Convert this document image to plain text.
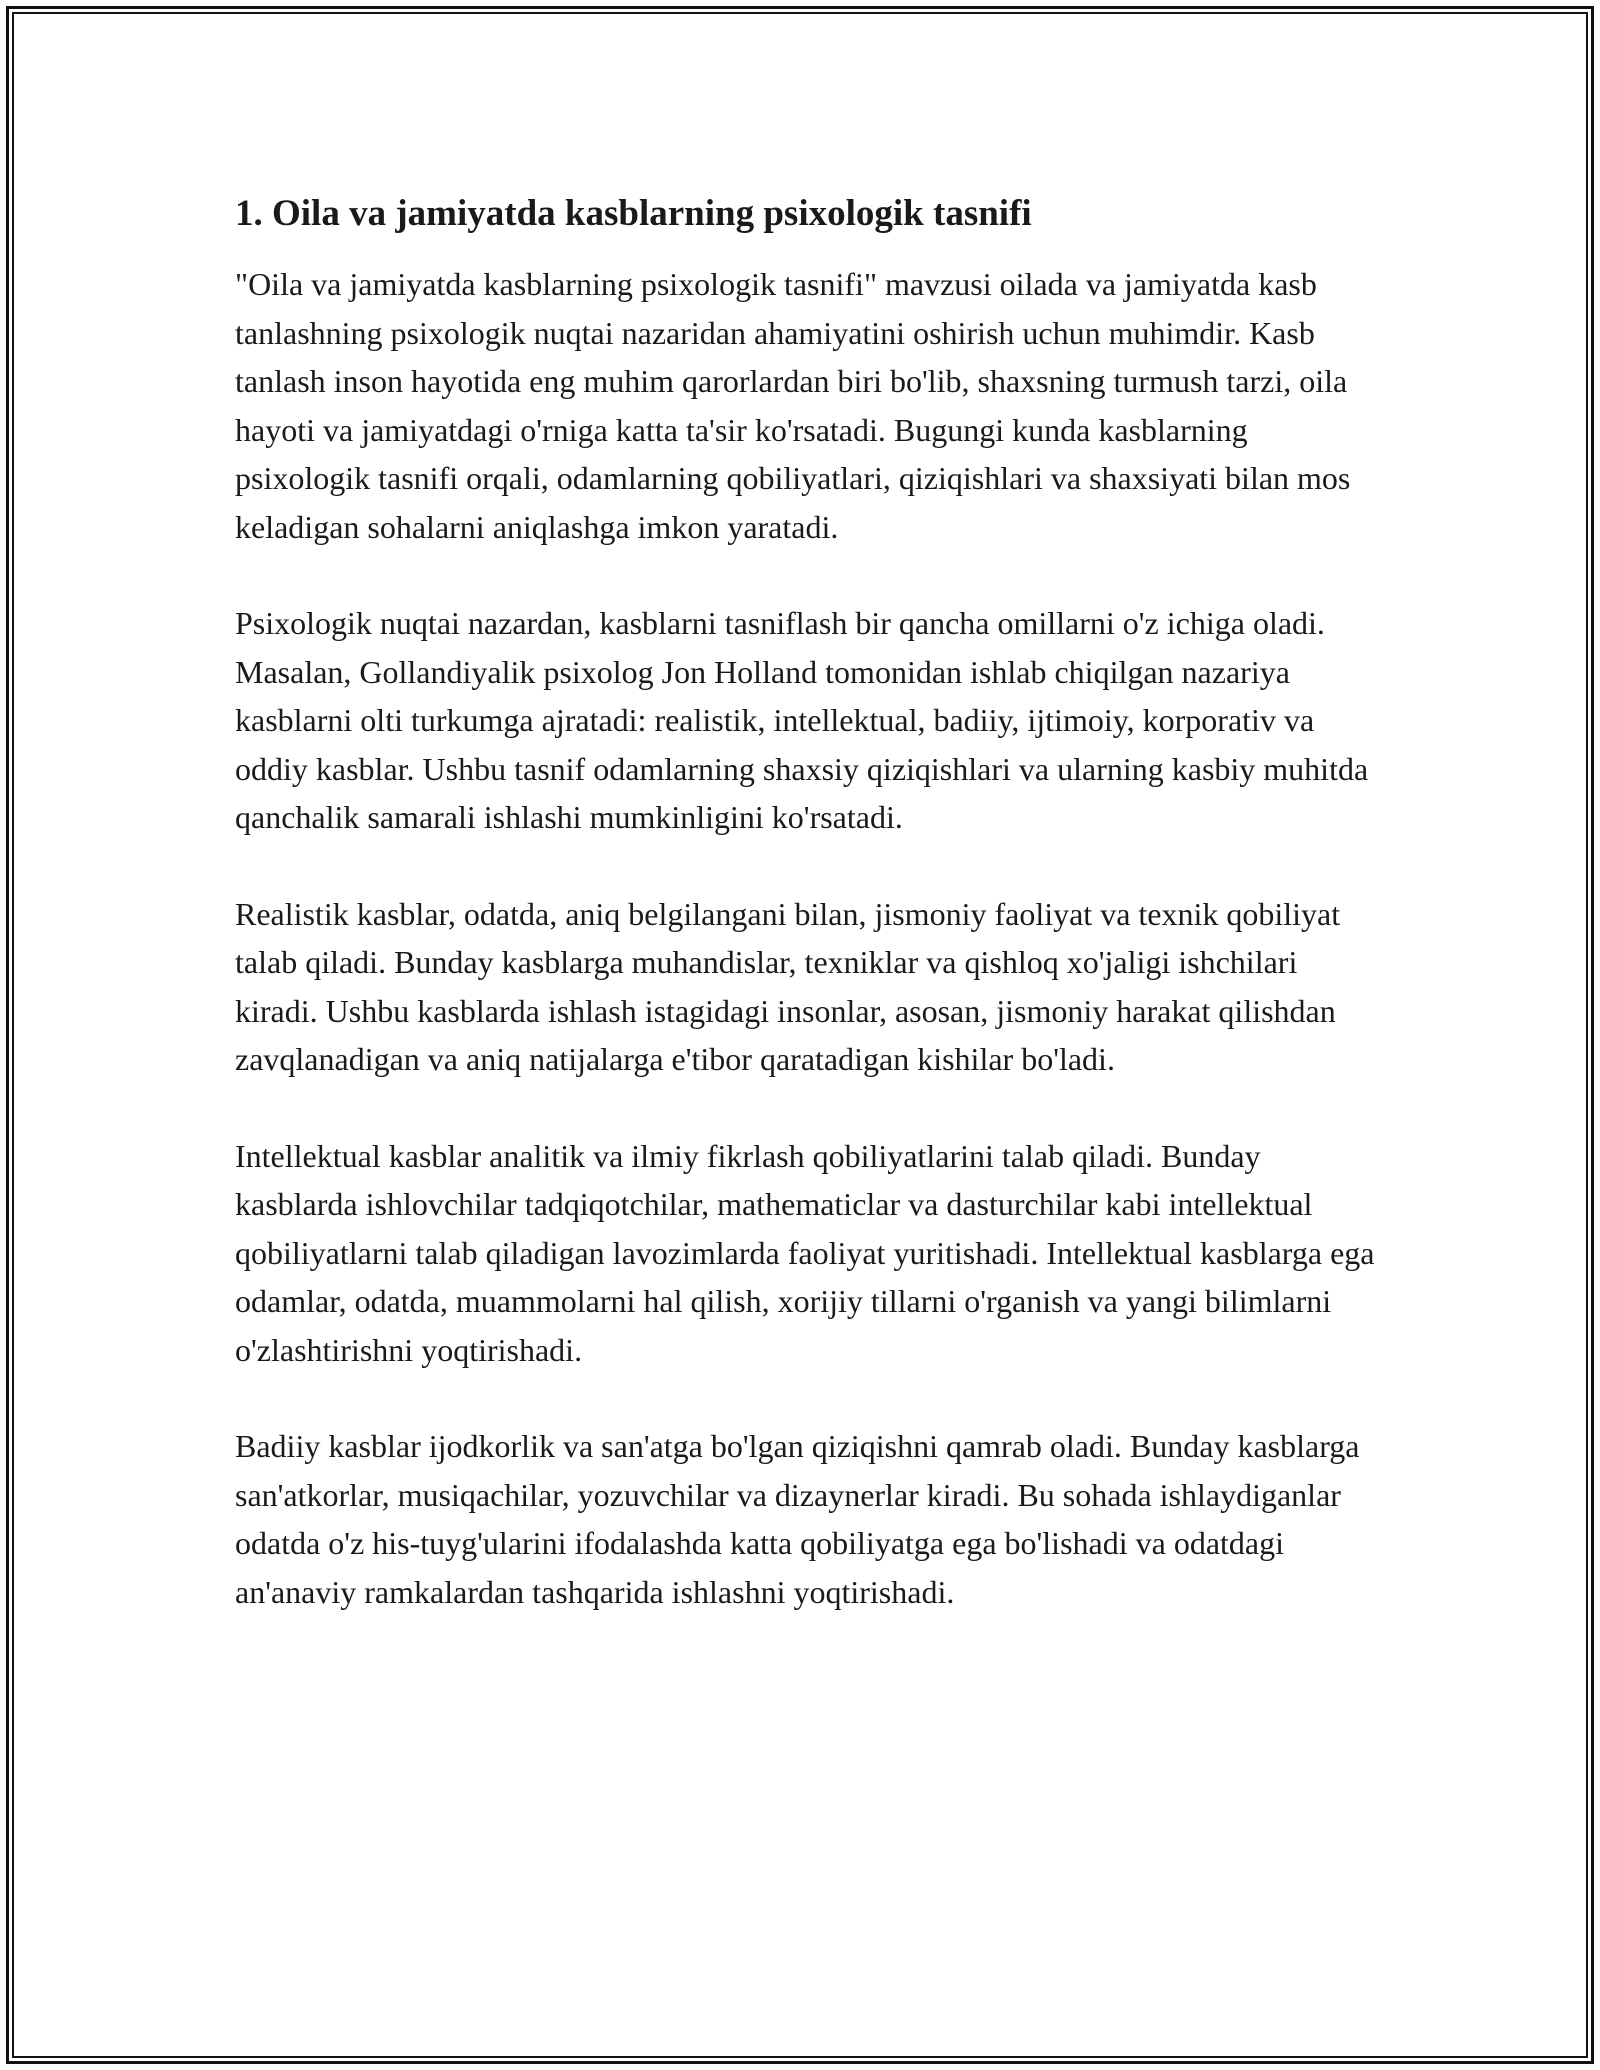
1. Oila va jamiyatda kasblarning psixologik tasnifi

"Oila va jamiyatda kasblarning psixologik tasnifi" mavzusi oilada va jamiyatda kasb tanlashning psixologik nuqtai nazaridan ahamiyatini oshirish uchun muhimdir. Kasb tanlash inson hayotida eng muhim qarorlardan biri bo'lib, shaxsning turmush tarzi, oila hayoti va jamiyatdagi o'rniga katta ta'sir ko'rsatadi. Bugungi kunda kasblarning psixologik tasnifi orqali, odamlarning qobiliyatlari, qiziqishlari va shaxsiyati bilan mos keladigan sohalarni aniqlashga imkon yaratadi.

Psixologik nuqtai nazardan, kasblarni tasniflash bir qancha omillarni o'z ichiga oladi. Masalan, Gollandiyalik psixolog Jon Holland tomonidan ishlab chiqilgan nazariya kasblarni olti turkumga ajratadi: realistik, intellektual, badiiy, ijtimoiy, korporativ va oddiy kasblar. Ushbu tasnif odamlarning shaxsiy qiziqishlari va ularning kasbiy muhitda qanchalik samarali ishlashi mumkinligini ko'rsatadi.

Realistik kasblar, odatda, aniq belgilangani bilan, jismoniy faoliyat va texnik qobiliyat talab qiladi. Bunday kasblarga muhandislar, texniklar va qishloq xo'jaligi ishchilari kiradi. Ushbu kasblarda ishlash istagidagi insonlar, asosan, jismoniy harakat qilishdan zavqlanadigan va aniq natijalarga e'tibor qaratadigan kishilar bo'ladi.

Intellektual kasblar analitik va ilmiy fikrlash qobiliyatlarini talab qiladi. Bunday kasblarda ishlovchilar tadqiqotchilar, mathematiclar va dasturchilar kabi intellektual qobiliyatlarni talab qiladigan lavozimlarda faoliyat yuritishadi. Intellektual kasblarga ega odamlar, odatda, muammolarni hal qilish, xorijiy tillarni o'rganish va yangi bilimlarni o'zlashtirishni yoqtirishadi.

Badiiy kasblar ijodkorlik va san'atga bo'lgan qiziqishni qamrab oladi. Bunday kasblarga san'atkorlar, musiqachilar, yozuvchilar va dizaynerlar kiradi. Bu sohada ishlaydiganlar odatda o'z his-tuyg'ularini ifodalashda katta qobiliyatga ega bo'lishadi va odatdagi an'anaviy ramkalardan tashqarida ishlashni yoqtirishadi.
